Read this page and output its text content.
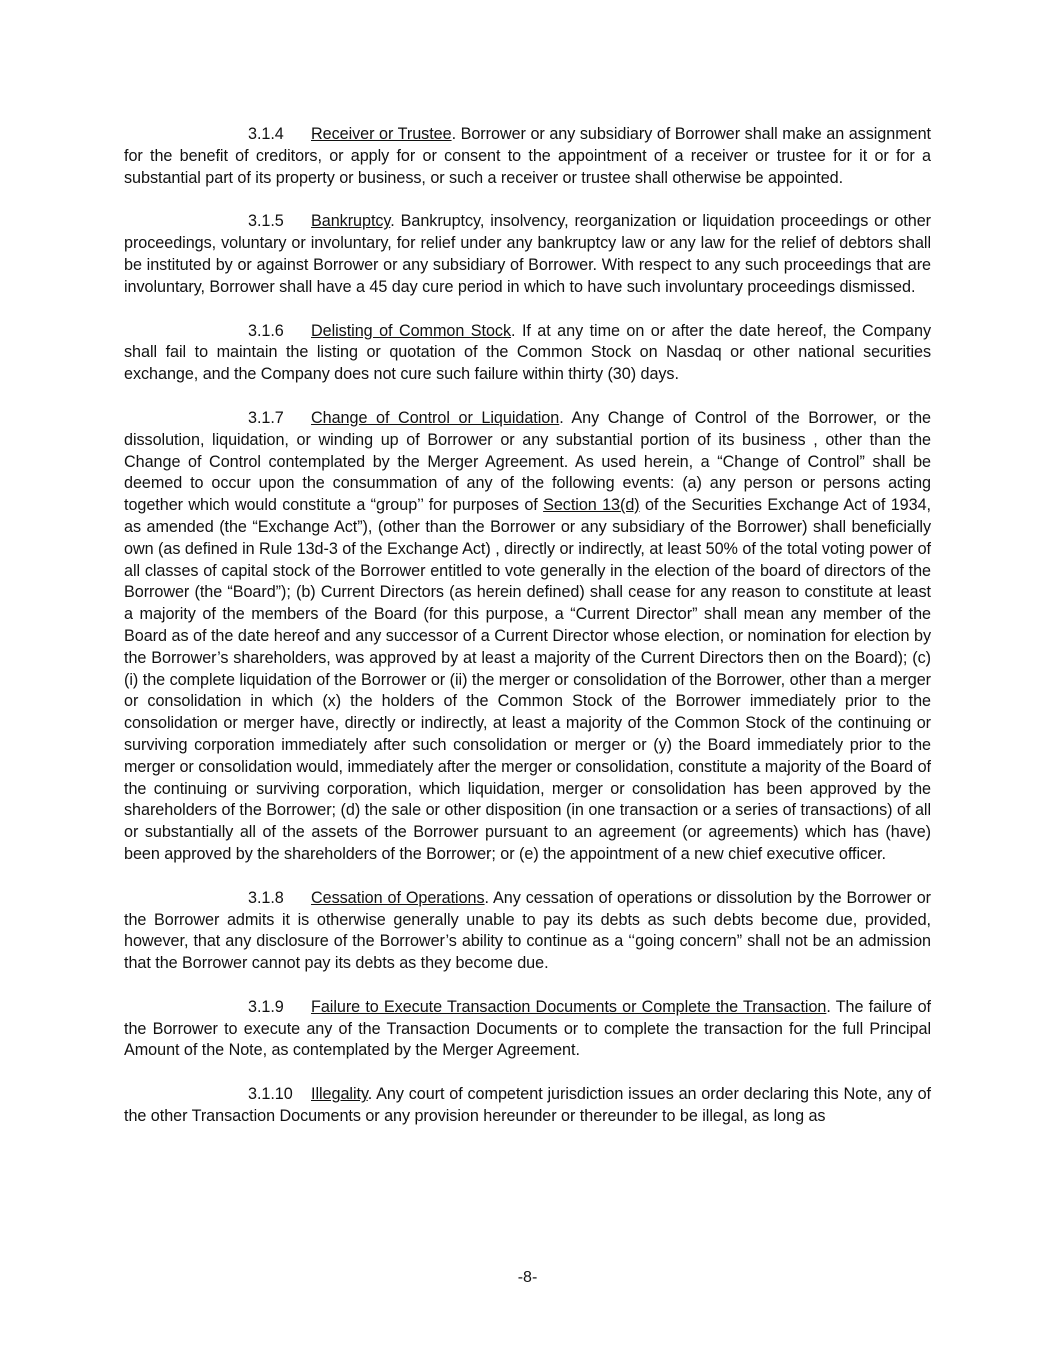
3.1.4 Receiver or Trustee. Borrower or any subsidiary of Borrower shall make an assignment for the benefit of creditors, or apply for or consent to the appointment of a receiver or trustee for it or for a substantial part of its property or business, or such a receiver or trustee shall otherwise be appointed.

3.1.5 Bankruptcy. Bankruptcy, insolvency, reorganization or liquidation proceedings or other proceedings, voluntary or involuntary, for relief under any bankruptcy law or any law for the relief of debtors shall be instituted by or against Borrower or any subsidiary of Borrower. With respect to any such proceedings that are involuntary, Borrower shall have a 45 day cure period in which to have such involuntary proceedings dismissed.

3.1.6 Delisting of Common Stock. If at any time on or after the date hereof, the Company shall fail to maintain the listing or quotation of the Common Stock on Nasdaq or other national securities exchange, and the Company does not cure such failure within thirty (30) days.

3.1.7 Change of Control or Liquidation. Any Change of Control of the Borrower, or the dissolution, liquidation, or winding up of Borrower or any substantial portion of its business , other than the Change of Control contemplated by the Merger Agreement. As used herein, a “Change of Control” shall be deemed to occur upon the consummation of any of the following events: (a) any person or persons acting together which would constitute a “group’’ for purposes of Section 13(d) of the Securities Exchange Act of 1934, as amended (the “Exchange Act”), (other than the Borrower or any subsidiary of the Borrower) shall beneficially own (as defined in Rule 13d-3 of the Exchange Act) , directly or indirectly, at least 50% of the total voting power of all classes of capital stock of the Borrower entitled to vote generally in the election of the board of directors of the Borrower (the “Board”); (b) Current Directors (as herein defined) shall cease for any reason to constitute at least a majority of the members of the Board (for this purpose, a “Current Director” shall mean any member of the Board as of the date hereof and any successor of a Current Director whose election, or nomination for election by the Borrower’s shareholders, was approved by at least a majority of the Current Directors then on the Board); (c) (i) the complete liquidation of the Borrower or (ii) the merger or consolidation of the Borrower, other than a merger or consolidation in which (x) the holders of the Common Stock of the Borrower immediately prior to the consolidation or merger have, directly or indirectly, at least a majority of the Common Stock of the continuing or surviving corporation immediately after such consolidation or merger or (y) the Board immediately prior to the merger or consolidation would, immediately after the merger or consolidation, constitute a majority of the Board of the continuing or surviving corporation, which liquidation, merger or consolidation has been approved by the shareholders of the Borrower; (d) the sale or other disposition (in one transaction or a series of transactions) of all or substantially all of the assets of the Borrower pursuant to an agreement (or agreements) which has (have) been approved by the shareholders of the Borrower; or (e) the appointment of a new chief executive officer.

3.1.8 Cessation of Operations. Any cessation of operations or dissolution by the Borrower or the Borrower admits it is otherwise generally unable to pay its debts as such debts become due, provided, however, that any disclosure of the Borrower’s ability to continue as a ‘‘going concern” shall not be an admission that the Borrower cannot pay its debts as they become due.

3.1.9 Failure to Execute Transaction Documents or Complete the Transaction. The failure of the Borrower to execute any of the Transaction Documents or to complete the transaction for the full Principal Amount of the Note, as contemplated by the Merger Agreement.

3.1.10 Illegality. Any court of competent jurisdiction issues an order declaring this Note, any of the other Transaction Documents or any provision hereunder or thereunder to be illegal, as long as

-8-
